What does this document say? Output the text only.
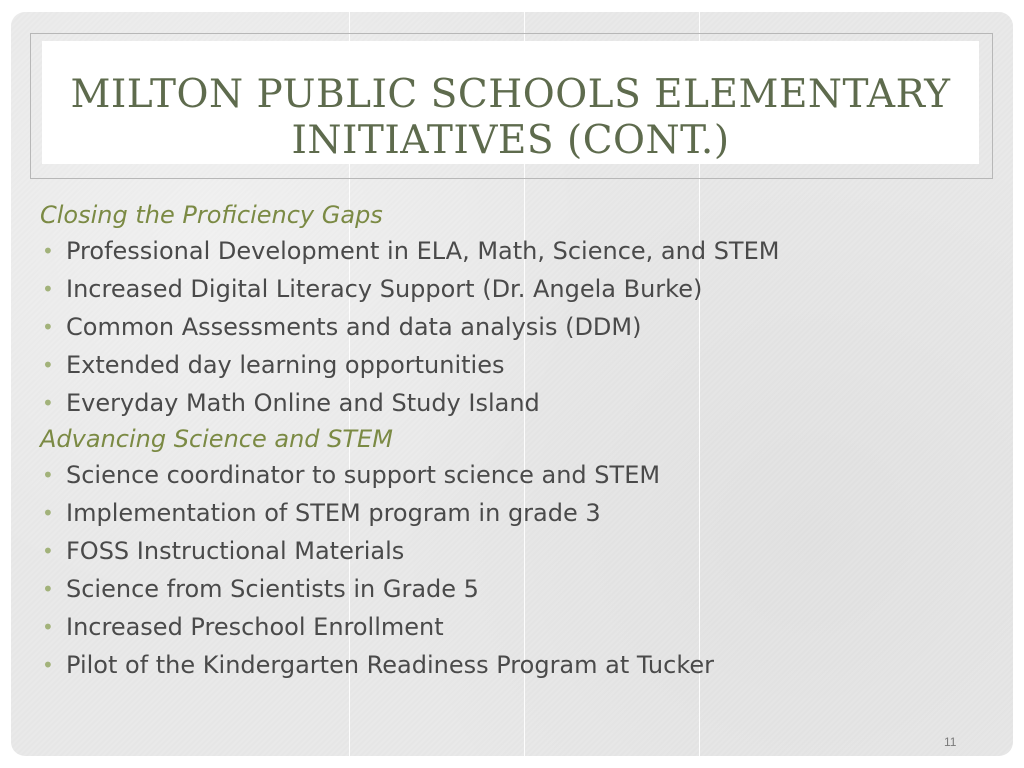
MILTON PUBLIC SCHOOLS ELEMENTARY INITIATIVES (CONT.)

Closing the Proficiency Gaps

• Professional Development in ELA, Math, Science, and STEM
• Increased Digital Literacy Support (Dr. Angela Burke)
• Common Assessments and data analysis (DDM)
• Extended day learning opportunities
• Everyday Math Online and Study Island

Advancing Science and STEM

• Science coordinator to support science and STEM
• Implementation of STEM program in grade 3
• FOSS Instructional Materials
• Science from Scientists in Grade 5
• Increased Preschool Enrollment
• Pilot of the Kindergarten Readiness Program at Tucker
11
